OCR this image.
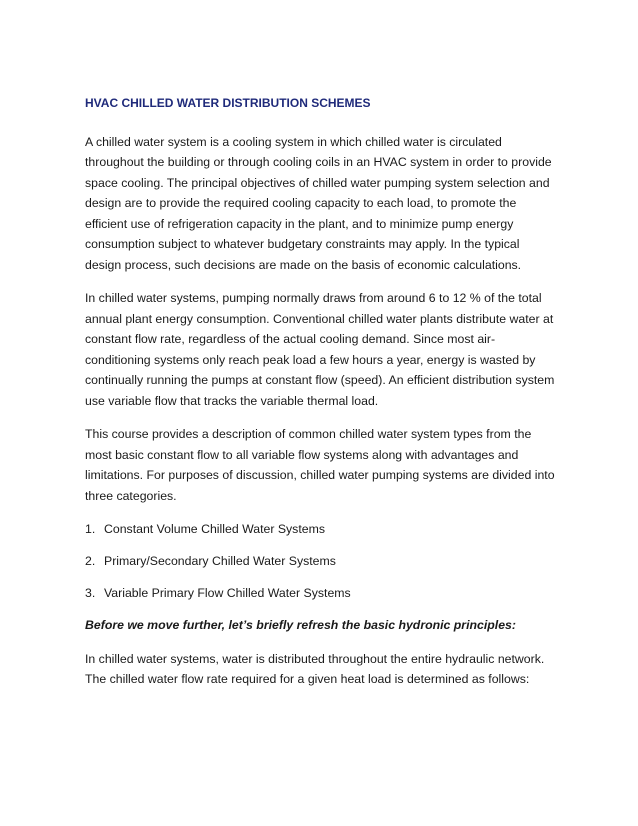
HVAC CHILLED WATER DISTRIBUTION SCHEMES

A chilled water system is a cooling system in which chilled water is circulated throughout the building or through cooling coils in an HVAC system in order to provide space cooling. The principal objectives of chilled water pumping system selection and design are to provide the required cooling capacity to each load, to promote the efficient use of refrigeration capacity in the plant, and to minimize pump energy consumption subject to whatever budgetary constraints may apply. In the typical design process, such decisions are made on the basis of economic calculations.

In chilled water systems, pumping normally draws from around 6 to 12 % of the total annual plant energy consumption. Conventional chilled water plants distribute water at constant flow rate, regardless of the actual cooling demand. Since most air-conditioning systems only reach peak load a few hours a year, energy is wasted by continually running the pumps at constant flow (speed). An efficient distribution system use variable flow that tracks the variable thermal load.

This course provides a description of common chilled water system types from the most basic constant flow to all variable flow systems along with advantages and limitations. For purposes of discussion, chilled water pumping systems are divided into three categories.

1. Constant Volume Chilled Water Systems
2. Primary/Secondary Chilled Water Systems
3. Variable Primary Flow Chilled Water Systems

Before we move further, let’s briefly refresh the basic hydronic principles:

In chilled water systems, water is distributed throughout the entire hydraulic network. The chilled water flow rate required for a given heat load is determined as follows:
